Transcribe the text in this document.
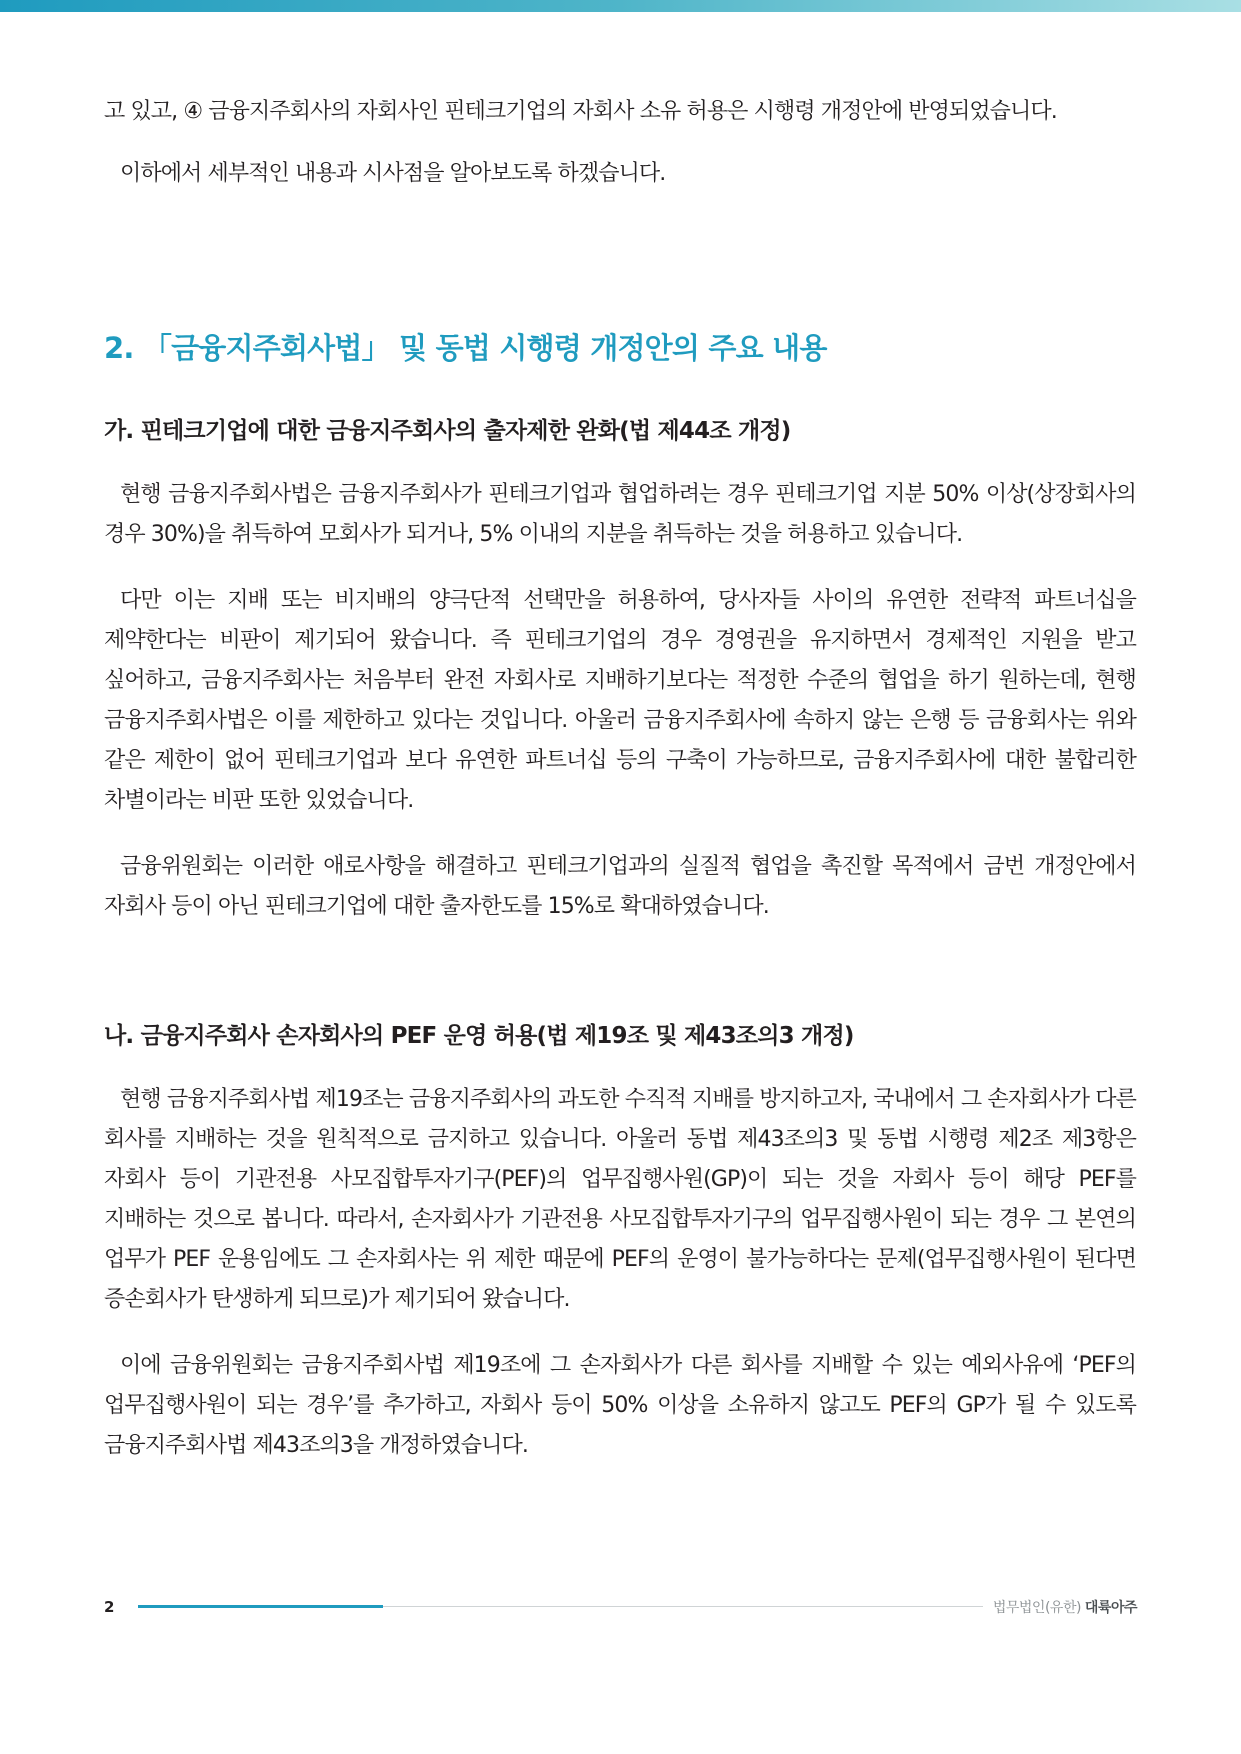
고 있고, ④ 금융지주회사의 자회사인 핀테크기업의 자회사 소유 허용은 시행령 개정안에 반영되었습니다.

이하에서 세부적인 내용과 시사점을 알아보도록 하겠습니다.

2. 「금융지주회사법」 및 동법 시행령 개정안의 주요 내용
가. 핀테크기업에 대한 금융지주회사의 출자제한 완화(법 제44조 개정)

현행 금융지주회사법은 금융지주회사가 핀테크기업과 협업하려는 경우 핀테크기업 지분 50% 이상(상장회사의 경우 30%)을 취득하여 모회사가 되거나, 5% 이내의 지분을 취득하는 것을 허용하고 있습니다.

다만 이는 지배 또는 비지배의 양극단적 선택만을 허용하여, 당사자들 사이의 유연한 전략적 파트너십을 제약한다는 비판이 제기되어 왔습니다. 즉 핀테크기업의 경우 경영권을 유지하면서 경제적인 지원을 받고 싶어하고, 금융지주회사는 처음부터 완전 자회사로 지배하기보다는 적정한 수준의 협업을 하기 원하는데, 현행 금융지주회사법은 이를 제한하고 있다는 것입니다. 아울러 금융지주회사에 속하지 않는 은행 등 금융회사는 위와 같은 제한이 없어 핀테크기업과 보다 유연한 파트너십 등의 구축이 가능하므로, 금융지주회사에 대한 불합리한 차별이라는 비판 또한 있었습니다.

금융위원회는 이러한 애로사항을 해결하고 핀테크기업과의 실질적 협업을 촉진할 목적에서 금번 개정안에서 자회사 등이 아닌 핀테크기업에 대한 출자한도를 15%로 확대하였습니다.

나. 금융지주회사 손자회사의 PEF 운영 허용(법 제19조 및 제43조의3 개정)

현행 금융지주회사법 제19조는 금융지주회사의 과도한 수직적 지배를 방지하고자, 국내에서 그 손자회사가 다른 회사를 지배하는 것을 원칙적으로 금지하고 있습니다. 아울러 동법 제43조의3 및 동법 시행령 제2조 제3항은 자회사 등이 기관전용 사모집합투자기구(PEF)의 업무집행사원(GP)이 되는 것을 자회사 등이 해당 PEF를 지배하는 것으로 봅니다. 따라서, 손자회사가 기관전용 사모집합투자기구의 업무집행사원이 되는 경우 그 본연의 업무가 PEF 운용임에도 그 손자회사는 위 제한 때문에 PEF의 운영이 불가능하다는 문제(업무집행사원이 된다면 증손회사가 탄생하게 되므로)가 제기되어 왔습니다.

이에 금융위원회는 금융지주회사법 제19조에 그 손자회사가 다른 회사를 지배할 수 있는 예외사유에 ‘PEF의 업무집행사원이 되는 경우’를 추가하고, 자회사 등이 50% 이상을 소유하지 않고도 PEF의 GP가 될 수 있도록 금융지주회사법 제43조의3을 개정하였습니다.

2	법무법인(유한) 대륙아주
